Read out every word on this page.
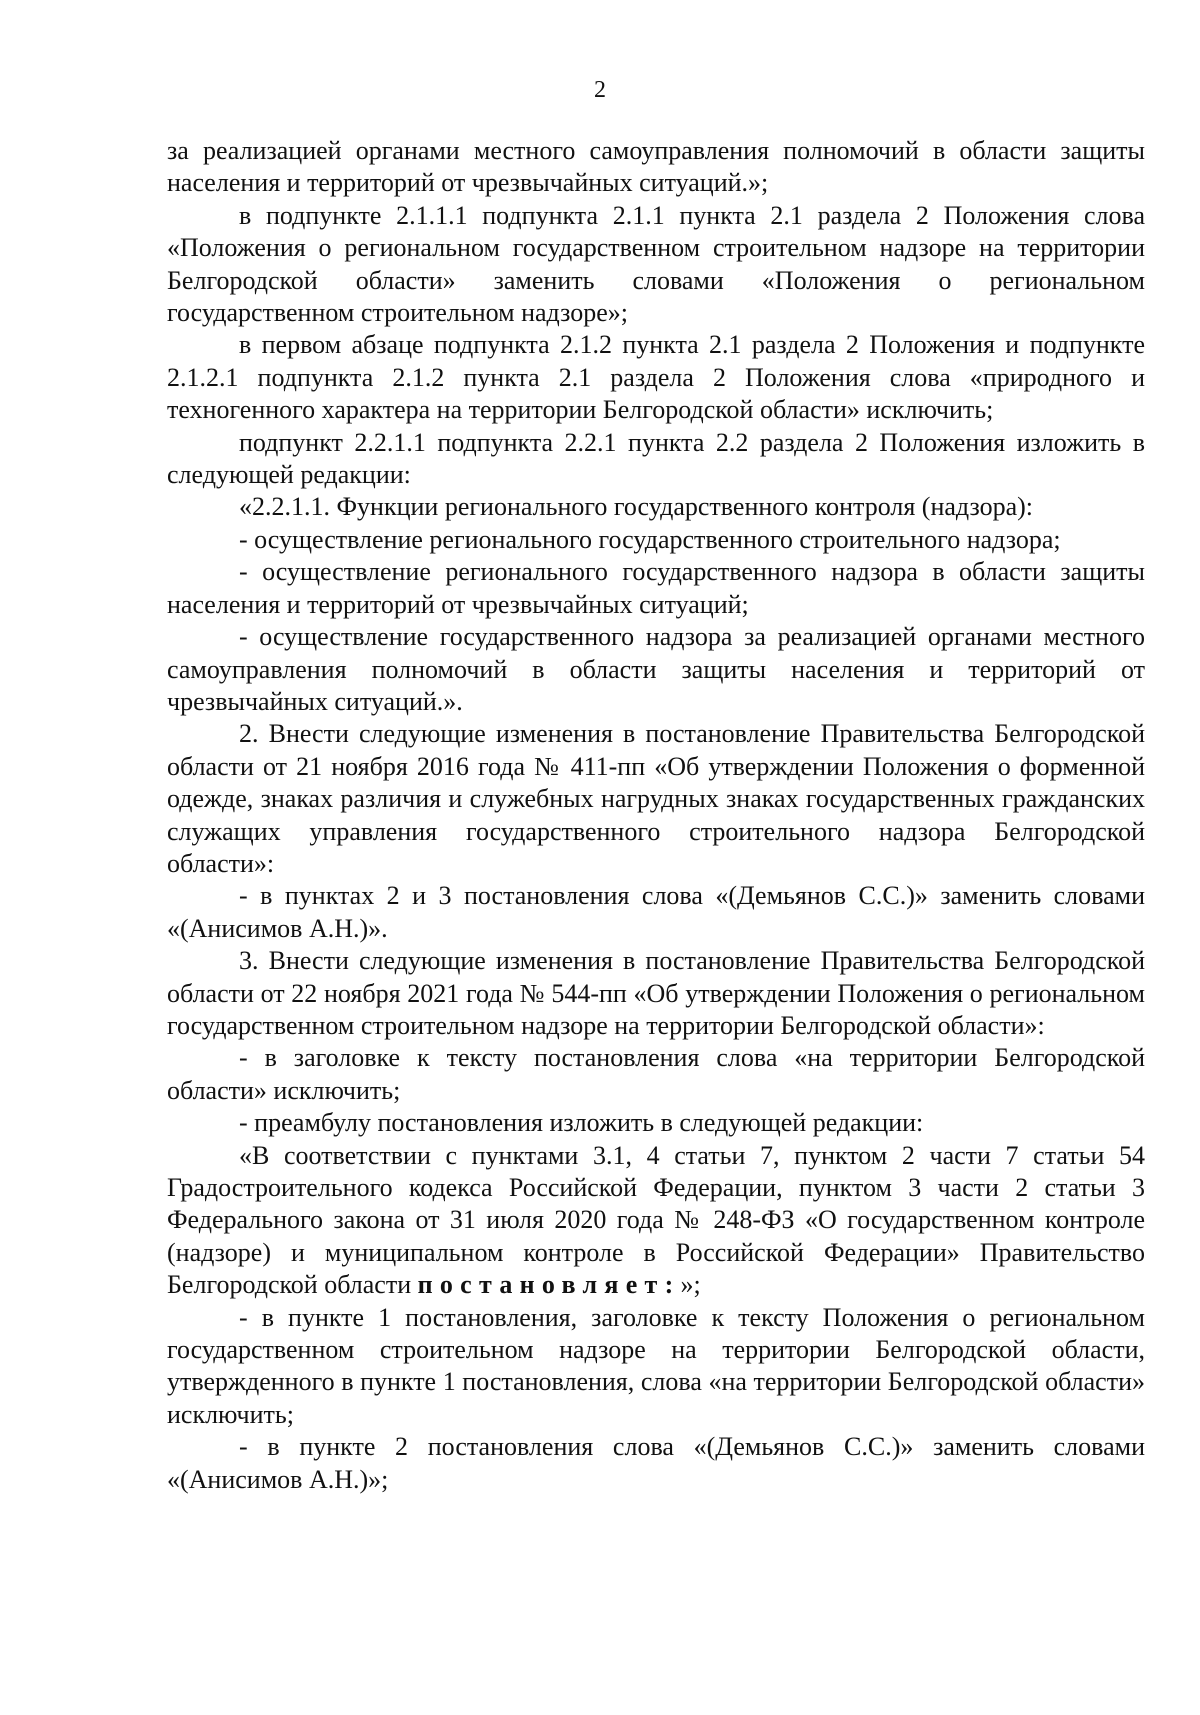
2

за реализацией органами местного самоуправления полномочий в области защиты населения и территорий от чрезвычайных ситуаций.»;

в подпункте 2.1.1.1 подпункта 2.1.1 пункта 2.1 раздела 2 Положения слова «Положения о региональном государственном строительном надзоре на территории Белгородской области» заменить словами «Положения о региональном государственном строительном надзоре»;

в первом абзаце подпункта 2.1.2 пункта 2.1 раздела 2 Положения и подпункте 2.1.2.1 подпункта 2.1.2 пункта 2.1 раздела 2 Положения слова «природного и техногенного характера на территории Белгородской области» исключить;

подпункт 2.2.1.1 подпункта 2.2.1 пункта 2.2 раздела 2 Положения изложить в следующей редакции:

«2.2.1.1. Функции регионального государственного контроля (надзора):

- осуществление регионального государственного строительного надзора;

- осуществление регионального государственного надзора в области защиты населения и территорий от чрезвычайных ситуаций;

- осуществление государственного надзора за реализацией органами местного самоуправления полномочий в области защиты населения и территорий от чрезвычайных ситуаций.».

2. Внести следующие изменения в постановление Правительства Белгородской области от 21 ноября 2016 года № 411-пп «Об утверждении Положения о форменной одежде, знаках различия и служебных нагрудных знаках государственных гражданских служащих управления государственного строительного надзора Белгородской области»:

- в пунктах 2 и 3 постановления слова «(Демьянов С.С.)» заменить словами «(Анисимов А.Н.)».

3. Внести следующие изменения в постановление Правительства Белгородской области от 22 ноября 2021 года № 544-пп «Об утверждении Положения о региональном государственном строительном надзоре на территории Белгородской области»:

- в заголовке к тексту постановления слова «на территории Белгородской области» исключить;

- преамбулу постановления изложить в следующей редакции:

«В соответствии с пунктами 3.1, 4 статьи 7, пунктом 2 части 7 статьи 54 Градостроительного кодекса Российской Федерации, пунктом 3 части 2 статьи 3 Федерального закона от 31 июля 2020 года № 248-ФЗ «О государственном контроле (надзоре) и муниципальном контроле в Российской Федерации» Правительство Белгородской области постановляет:»;

- в пункте 1 постановления, заголовке к тексту Положения о региональном государственном строительном надзоре на территории Белгородской области, утвержденного в пункте 1 постановления, слова «на территории Белгородской области» исключить;

- в пункте 2 постановления слова «(Демьянов С.С.)» заменить словами «(Анисимов А.Н.)»;
